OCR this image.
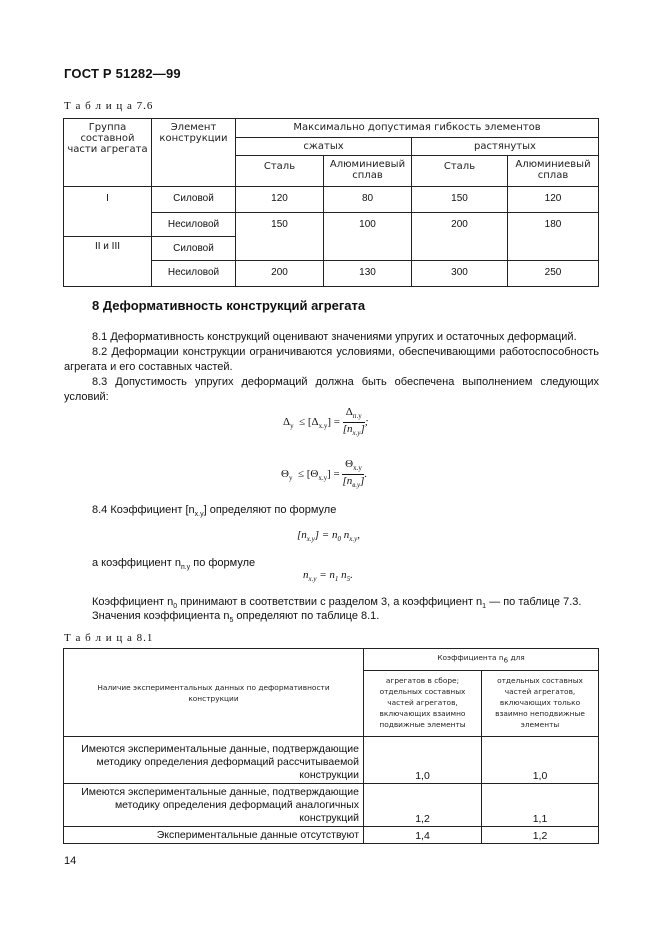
ГОСТ Р 51282—99
Т а б л и ц а 7.6
Группа составной части агрегата	Элемент конструкции	Максимально допустимая гибкость элементов			
		сжатых		растянутых	
		Сталь	Алюминиевый сплав	Сталь	Алюминиевый сплав
I	Силовой	120	80	150	120
	Несиловой	150	100	200	180
II и III	Силовой				
	Несиловой	200	130	300	250
8 Деформативность конструкций агрегата
8.1 Деформативность конструкций оценивают значениями упругих и остаточных деформаций.
8.2 Деформации конструкции ограничиваются условиями, обеспечивающими работоспособность агрегата и его составных частей.
8.3 Допустимость упругих деформаций должна быть обеспечена выполнением следующих условий:
$\Delta_у \le [\Delta_{х.у}] = \frac{\Delta_{п.у}}{[n_{х.у}]}$ ;
$\Theta_у \le [\Theta_{х.у}] = \frac{\Theta_{х.у}}{[n_{в.у}]}$ .
8.4 Коэффициент $[n_{х.у}]$ определяют по формуле
$[n_{х.у}] = n_0$ $n_{х.у}$,
а коэффициент $n_{п.у}$ по формуле
$n_{х.у} = n_1$ $n_5$.
Коэффициент $n_0$ принимают в соответствии с разделом 3, а коэффициент $n_1$ — по таблице 7.3.
Значения коэффициента $n_5$ определяют по таблице 8.1.
Т а б л и ц а 8.1
Наличие экспериментальных данных по деформативности конструкции	Коэффициента $n_6$ для	
	агрегатов в сборе; отдельных составных частей агрегатов, включающих взаимно подвижные элементы	отдельных составных частей агрегатов, включающих только взаимно неподвижные элементы
Имеются экспериментальные данные, подтверждающие методику определения деформаций рассчитываемой конструкции	1,0	1,0
Имеются экспериментальные данные, подтверждающие методику определения деформаций аналогичных конструкций	1,2	1,1
Экспериментальные данные отсутствуют	1,4	1,2
14
